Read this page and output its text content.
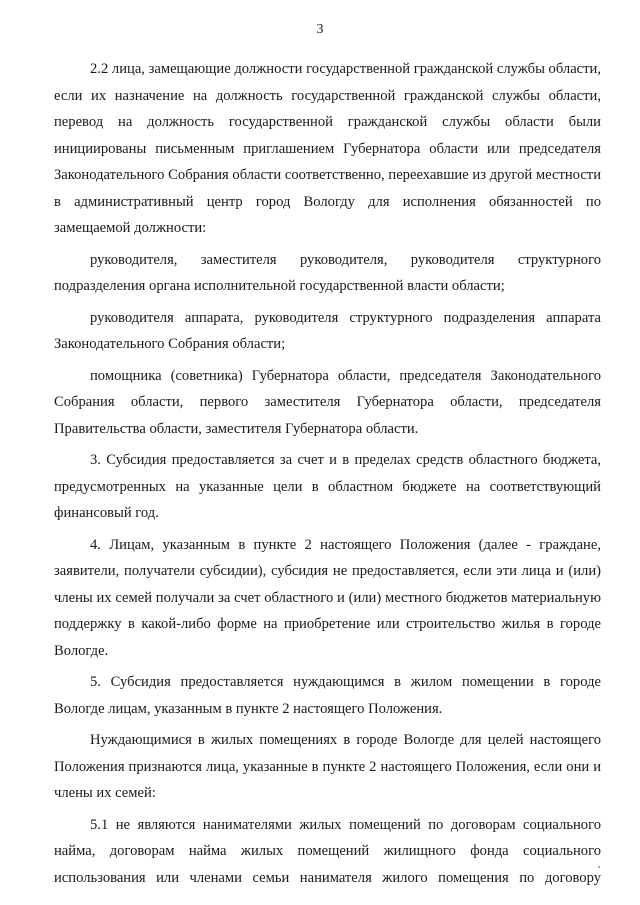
3

2.2 лица, замещающие должности государственной гражданской службы области, если их назначение на должность государственной гражданской службы области, перевод на должность государственной гражданской службы области были инициированы письменным приглашением Губернатора области или председателя Законодательного Собрания области соответственно, переехавшие из другой местности в административный центр город Вологду для исполнения обязанностей по замещаемой должности:

руководителя, заместителя руководителя, руководителя структурного подразделения органа исполнительной государственной власти области;

руководителя аппарата, руководителя структурного подразделения аппарата Законодательного Собрания области;

помощника (советника) Губернатора области, председателя Законодательного Собрания области, первого заместителя Губернатора области, председателя Правительства области, заместителя Губернатора области.

3. Субсидия предоставляется за счет и в пределах средств областного бюджета, предусмотренных на указанные цели в областном бюджете на соответствующий финансовый год.

4. Лицам, указанным в пункте 2 настоящего Положения (далее - граждане, заявители, получатели субсидии), субсидия не предоставляется, если эти лица и (или) члены их семей получали за счет областного и (или) местного бюджетов материальную поддержку в какой-либо форме на приобретение или строительство жилья в городе Вологде.

5. Субсидия предоставляется нуждающимся в жилом помещении в городе Вологде лицам, указанным в пункте 2 настоящего Положения.

Нуждающимися в жилых помещениях в городе Вологде для целей настоящего Положения признаются лица, указанные в пункте 2 настоящего Положения, если они и члены их семей:

5.1 не являются нанимателями жилых помещений по договорам социального найма, договорам найма жилых помещений жилищного фонда социального использования или членами семьи нанимателя жилого помещения по договору
